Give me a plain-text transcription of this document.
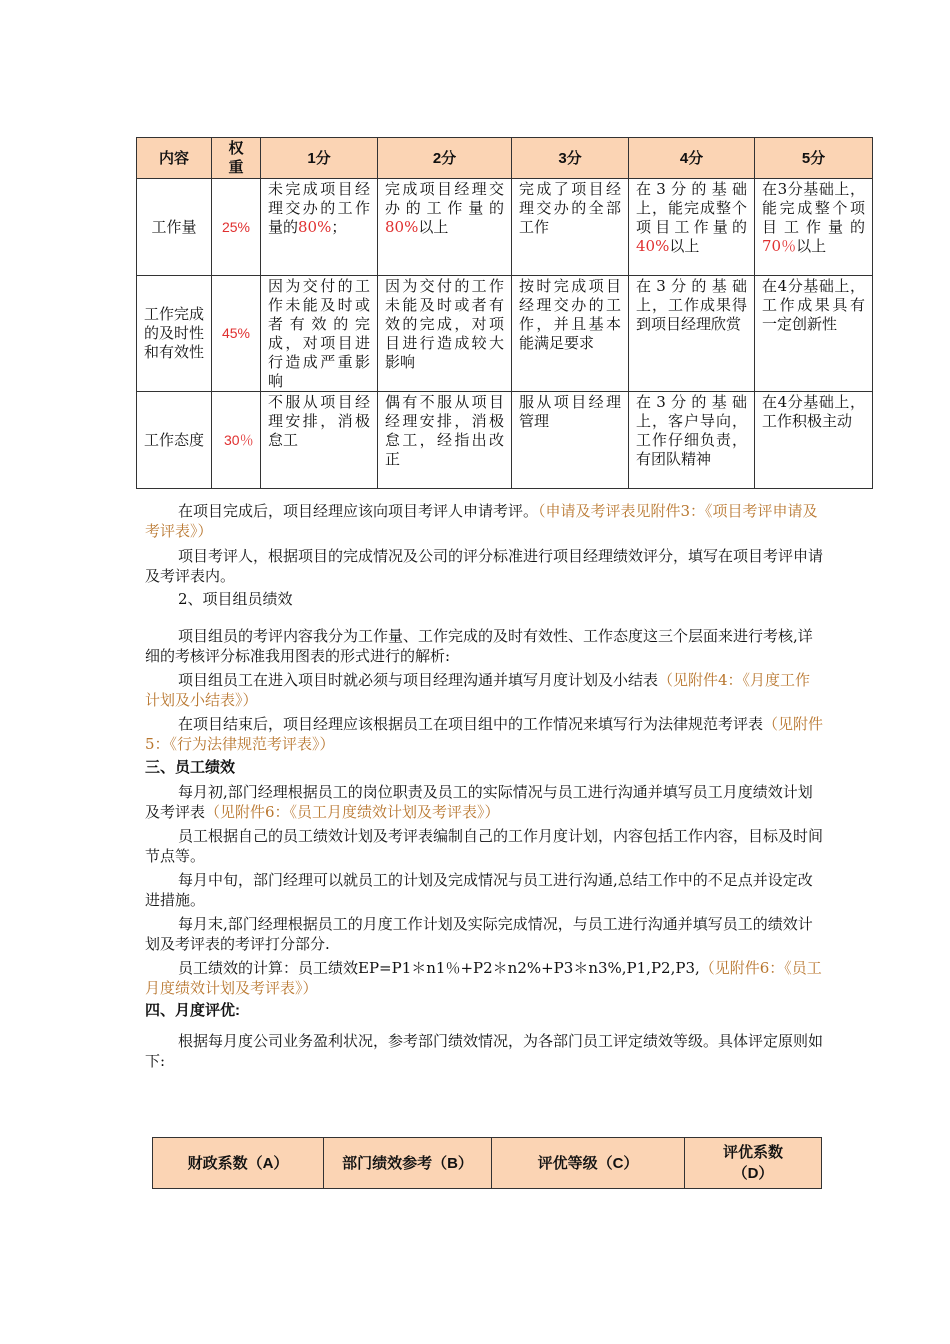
内容	权重	1分	2分	3分	4分	5分
工作量	25%	未完成项目经理交办的工作量的80%；	完成项目经理交办的工作量的80%以上	完成了项目经理交办的全部工作	在3分的基础上，能完成整个项目工作量的40%以上	在3分基础上，能完成整个项目工作量的70％以上
工作完成的及时性和有效性	45%	因为交付的工作未能及时或者有效的完成，对项目进行造成严重影响	因为交付的工作未能及时或者有效的完成，对项目进行造成较大影响	按时完成项目经理交办的工作，并且基本能满足要求	在3分的基础上，工作成果得到项目经理欣赏	在4分基础上，工作成果具有一定创新性
工作态度	30％	不服从项目经理安排，消极怠工	偶有不服从项目经理安排，消极怠工，经指出改正	服从项目经理管理	在3分的基础上，客户导向，工作仔细负责，有团队精神	在4分基础上，工作积极主动

在项目完成后，项目经理应该向项目考评人申请考评。（申请及考评表见附件3：《项目考评申请及考评表》）

项目考评人，根据项目的完成情况及公司的评分标准进行项目经理绩效评分，填写在项目考评申请及考评表内。

2、项目组员绩效

项目组员的考评内容我分为工作量、工作完成的及时有效性、工作态度这三个层面来进行考核,详细的考核评分标准我用图表的形式进行的解析:

项目组员工在进入项目时就必须与项目经理沟通并填写月度计划及小结表（见附件4：《月度工作计划及小结表》）

在项目结束后，项目经理应该根据员工在项目组中的工作情况来填写行为法律规范考评表（见附件5：《行为法律规范考评表》）

三、员工绩效

每月初,部门经理根据员工的岗位职责及员工的实际情况与员工进行沟通并填写员工月度绩效计划及考评表（见附件6：《员工月度绩效计划及考评表》）

员工根据自己的员工绩效计划及考评表编制自己的工作月度计划，内容包括工作内容，目标及时间节点等。

每月中旬，部门经理可以就员工的计划及完成情况与员工进行沟通,总结工作中的不足点并设定改进措施。

每月末,部门经理根据员工的月度工作计划及实际完成情况，与员工进行沟通并填写员工的绩效计划及考评表的考评打分部分.

员工绩效的计算：员工绩效EP=P1＊n1％+P2＊n2%+P3＊n3%,P1,P2,P3,（见附件6：《员工月度绩效计划及考评表》）

四、月度评优:

根据每月度公司业务盈利状况，参考部门绩效情况，为各部门员工评定绩效等级。具体评定原则如下:

财政系数（A）	部门绩效参考（B）	评优等级（C）	评优系数（D）
